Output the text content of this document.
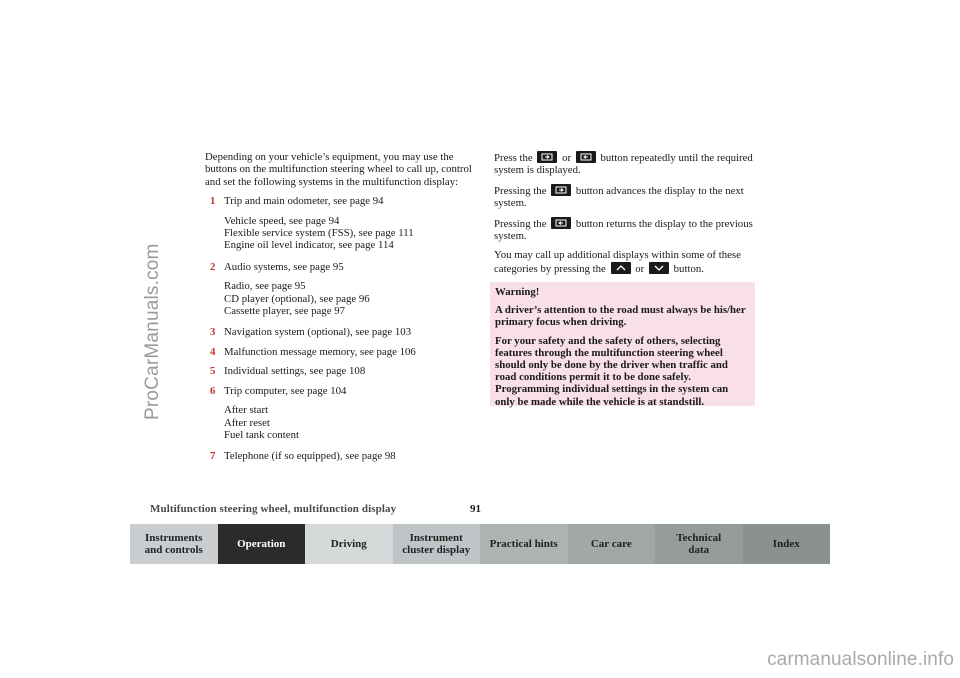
ProCarManuals.com

Depending on your vehicle’s equipment, you may use the buttons on the multifunction steering wheel to call up, control and set the following systems in the multifunction display:

1 Trip and main odometer, see page 94
Vehicle speed, see page 94
Flexible service system (FSS), see page 111
Engine oil level indicator, see page 114
2 Audio systems, see page 95
Radio, see page 95
CD player (optional), see page 96
Cassette player, see page 97
3 Navigation system (optional), see page 103
4 Malfunction message memory, see page 106
5 Individual settings, see page 108
6 Trip computer, see page 104
After start
After reset
Fuel tank content
7 Telephone (if so equipped), see page 98

Press the	or	button repeatedly until the required system is displayed.

Pressing the	button advances the display to the next system.

Pressing the	button returns the display to the previous system.

You may call up additional displays within some of these categories by pressing the	or	button.

Warning!

A driver’s attention to the road must always be his/her primary focus when driving.

For your safety and the safety of others, selecting features through the multifunction steering wheel should only be done by the driver when traffic and road conditions permit it to be done safely. Programming individual settings in the system can only be made while the vehicle is at standstill.

Multifunction steering wheel, multifunction display	91
Instruments
and controls	Operation	Driving	Instrument
cluster display Practical hints	Car care	Technical
data	Index
carmanualsonline.info
